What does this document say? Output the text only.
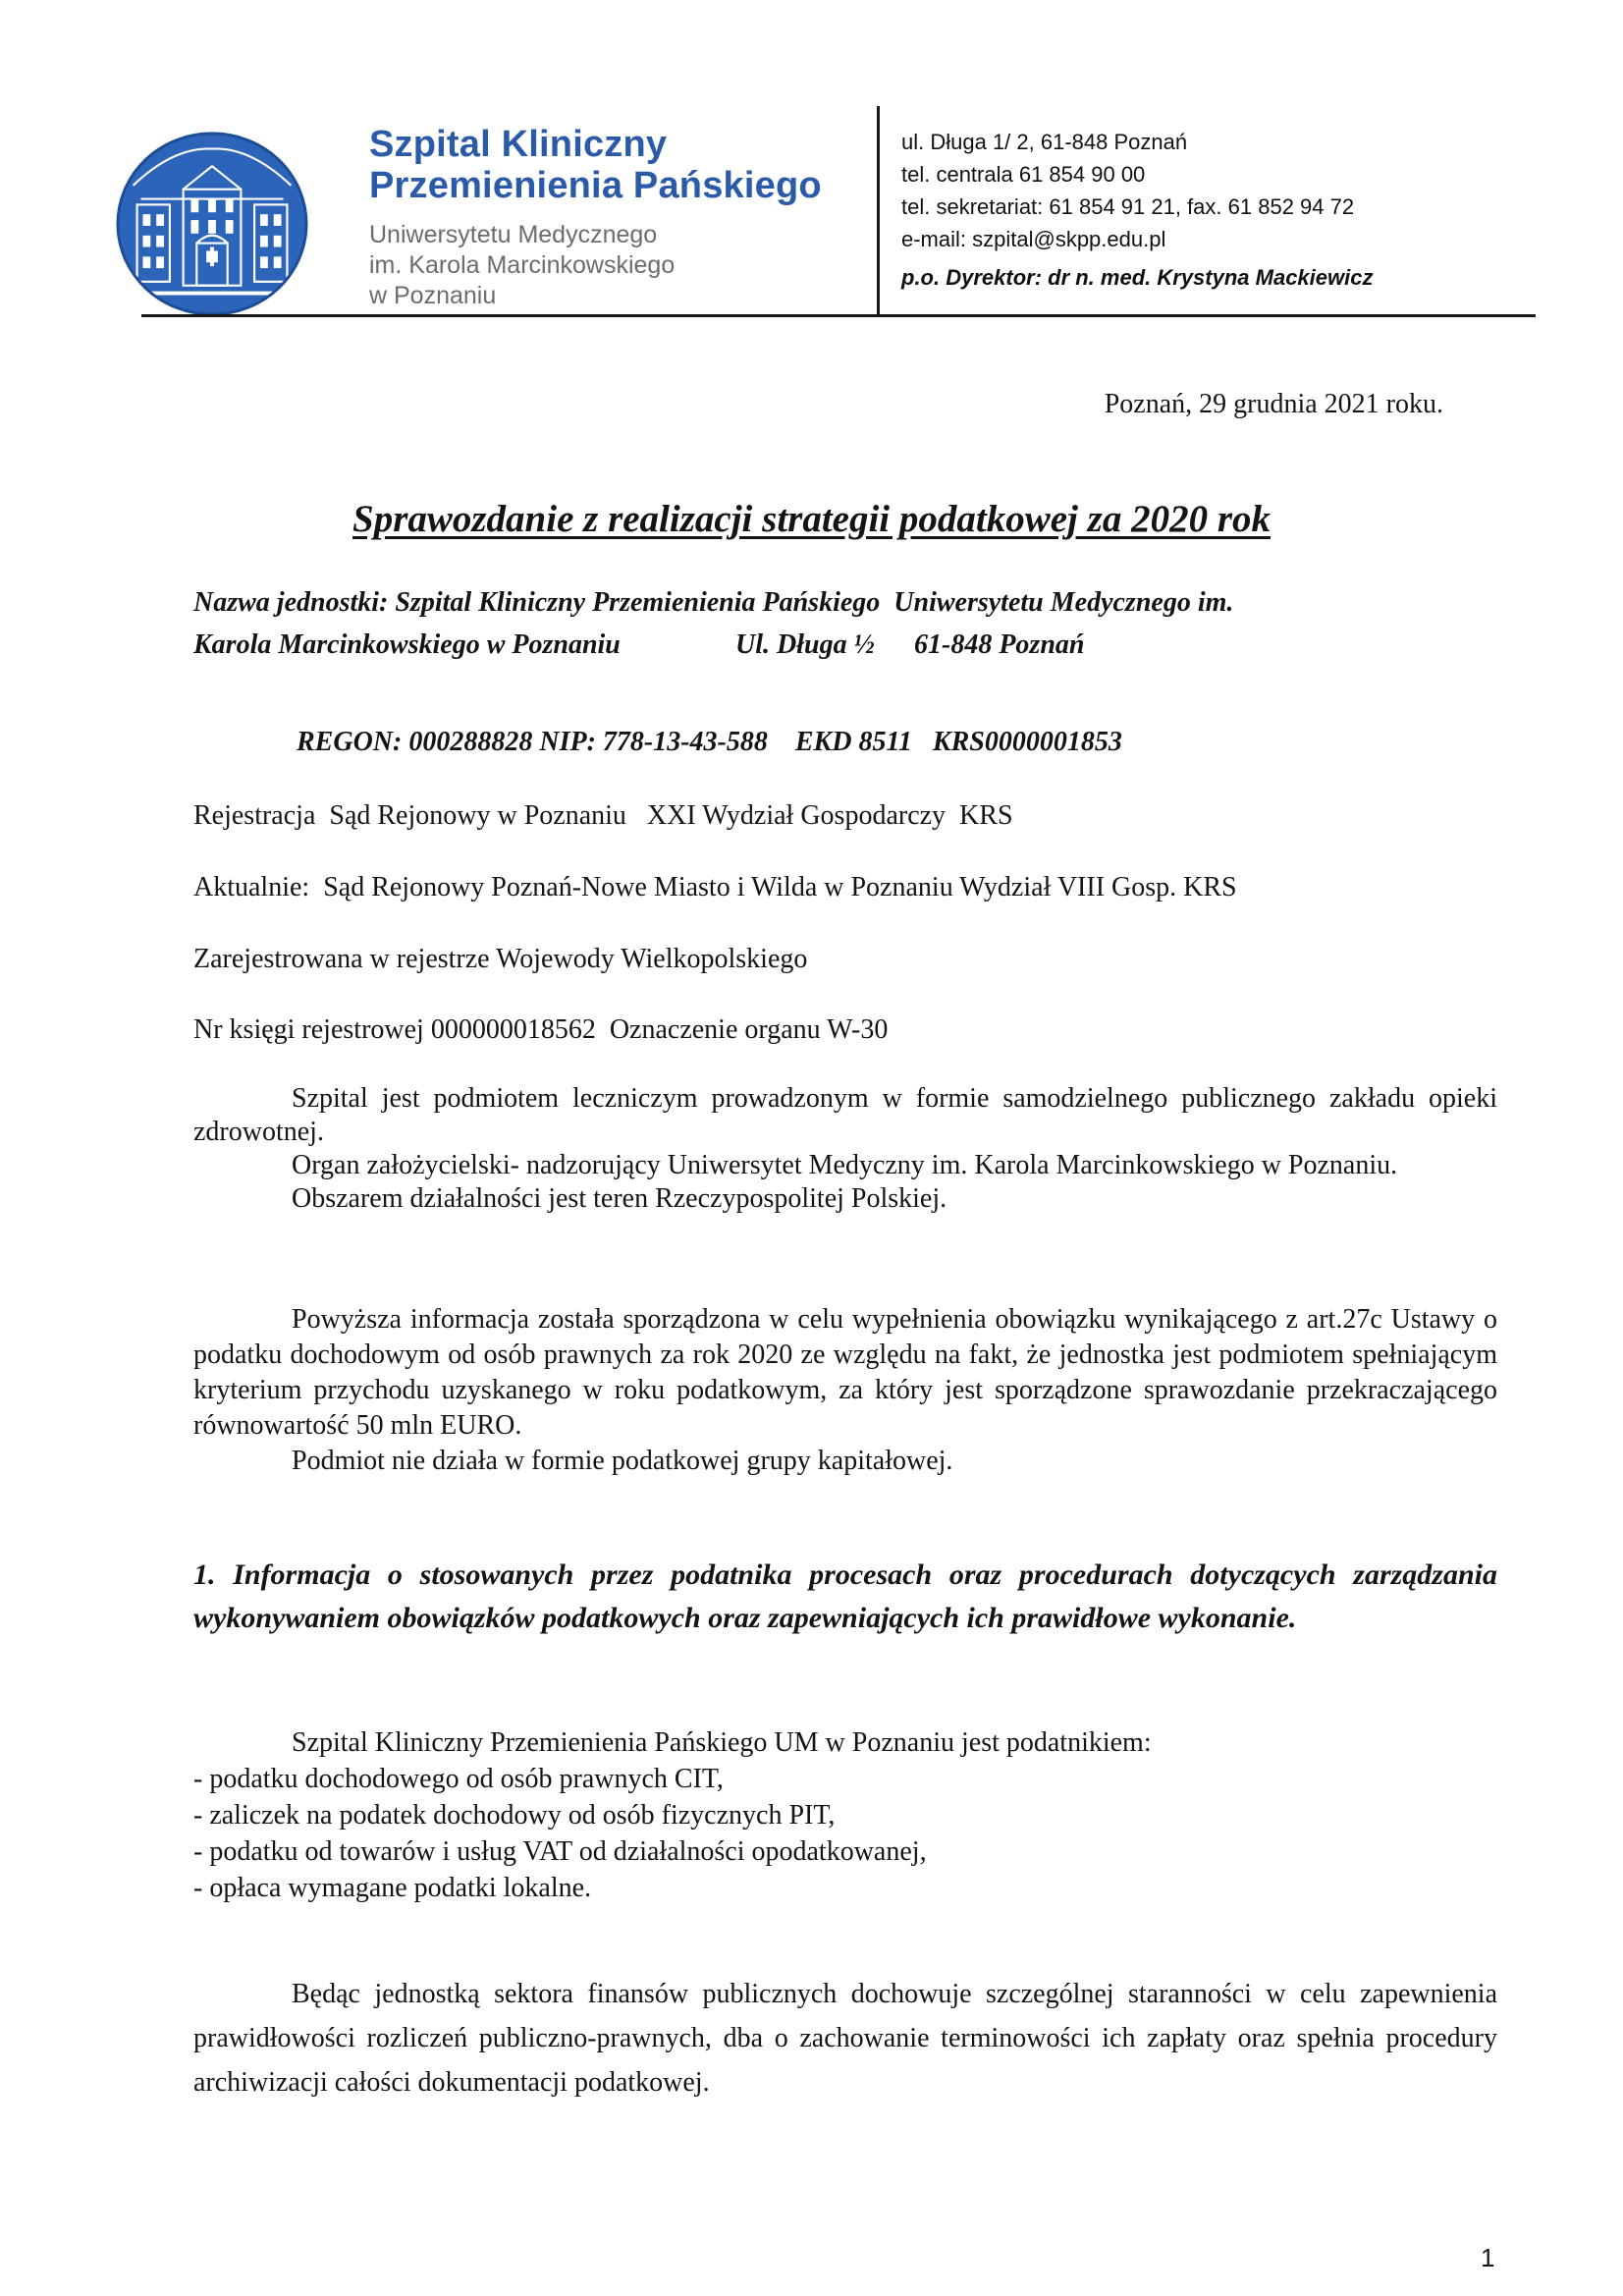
Szpital Kliniczny
Przemienienia Pańskiego
Uniwersytetu Medycznego
im. Karola Marcinkowskiego
w Poznaniu
ul. Długa 1/ 2, 61-848 Poznań
tel. centrala 61 854 90 00
tel. sekretariat: 61 854 91 21, fax. 61 852 94 72
e-mail: szpital@skpp.edu.pl
p.o. Dyrektor: dr n. med. Krystyna Mackiewicz
Poznań, 29 grudnia 2021 roku.
Sprawozdanie z realizacji strategii podatkowej za 2020 rok
Nazwa jednostki: Szpital Kliniczny Przemienienia Pańskiego  Uniwersytetu Medycznego im.
Karola Marcinkowskiego w Poznaniu	Ul. Długa ½ 61-848 Poznań
REGON: 000288828 NIP: 778-13-43-588 EKD 8511 KRS0000001853
Rejestracja  Sąd Rejonowy w Poznaniu   XXI Wydział Gospodarczy  KRS
Aktualnie:  Sąd Rejonowy Poznań-Nowe Miasto i Wilda w Poznaniu Wydział VIII Gosp. KRS
Zarejestrowana w rejestrze Wojewody Wielkopolskiego
Nr księgi rejestrowej 000000018562  Oznaczenie organu W-30

Szpital jest podmiotem leczniczym prowadzonym w formie samodzielnego publicznego zakładu opieki zdrowotnej.

Organ założycielski- nadzorujący Uniwersytet Medyczny im. Karola Marcinkowskiego w Poznaniu.

Obszarem działalności jest teren Rzeczypospolitej Polskiej.

Powyższa informacja została sporządzona w celu wypełnienia obowiązku wynikającego z art.27c Ustawy o podatku dochodowym od osób prawnych za rok 2020 ze względu na fakt, że jednostka jest podmiotem spełniającym kryterium przychodu uzyskanego w roku podatkowym, za który jest sporządzone sprawozdanie przekraczającego równowartość 50 mln EURO.

Podmiot nie działa w formie podatkowej grupy kapitałowej.

1. Informacja o stosowanych przez podatnika procesach oraz procedurach dotyczących zarządzania wykonywaniem obowiązków podatkowych oraz zapewniających ich prawidłowe wykonanie.
Szpital Kliniczny Przemienienia Pańskiego UM w Poznaniu jest podatnikiem:
- podatku dochodowego od osób prawnych CIT,
- zaliczek na podatek dochodowy od osób fizycznych PIT,
- podatku od towarów i usług VAT od działalności opodatkowanej,
- opłaca wymagane podatki lokalne.

Będąc jednostką sektora finansów publicznych dochowuje szczególnej staranności w celu zapewnienia prawidłowości rozliczeń publiczno-prawnych, dba o zachowanie terminowości ich zapłaty oraz spełnia procedury archiwizacji całości dokumentacji podatkowej.

1
